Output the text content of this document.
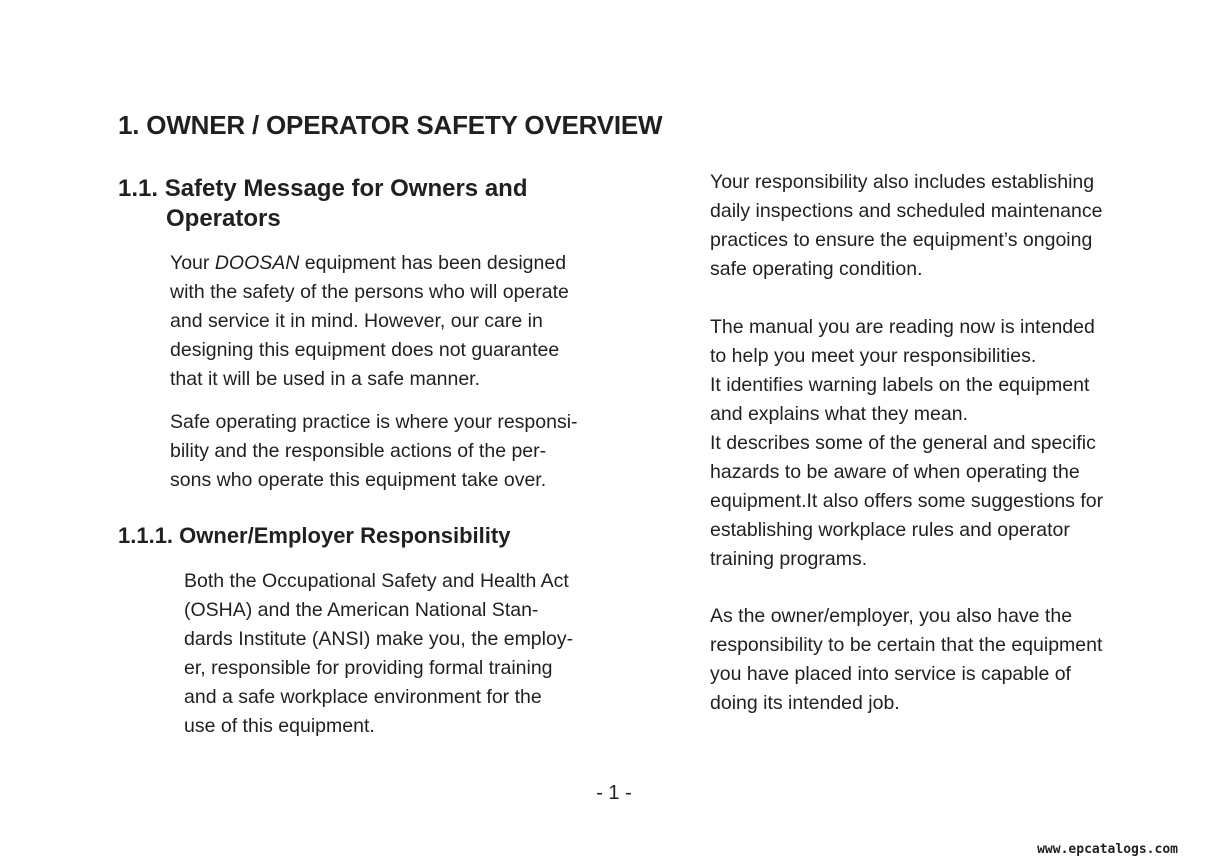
1. OWNER / OPERATOR SAFETY OVERVIEW
1.1. Safety Message for Owners and
Operators

Your DOOSAN equipment has been designed
with the safety of the persons who will operate
and service it in mind. However, our care in
designing this equipment does not guarantee
that it will be used in a safe manner.

Safe operating practice is where your responsi-
bility and the responsible actions of the per-
sons who operate this equipment take over.

1.1.1. Owner/Employer Responsibility

Both the Occupational Safety and Health Act
(OSHA) and the American National Stan-
dards Institute (ANSI) make you, the employ-
er, responsible for providing formal training
and a safe workplace environment for the
use of this equipment.

Your responsibility also includes establishing
daily inspections and scheduled maintenance
practices to ensure the equipment’s ongoing
safe operating condition.

The manual you are reading now is intended
to help you meet your responsibilities.
It identifies warning labels on the equipment
and explains what they mean.
It describes some of the general and specific
hazards to be aware of when operating the
equipment.It also offers some suggestions for
establishing workplace rules and operator
training programs.

As the owner/employer, you also have the
responsibility to be certain that the equipment
you have placed into service is capable of
doing its intended job.

- 1 -
www.epcatalogs.com
